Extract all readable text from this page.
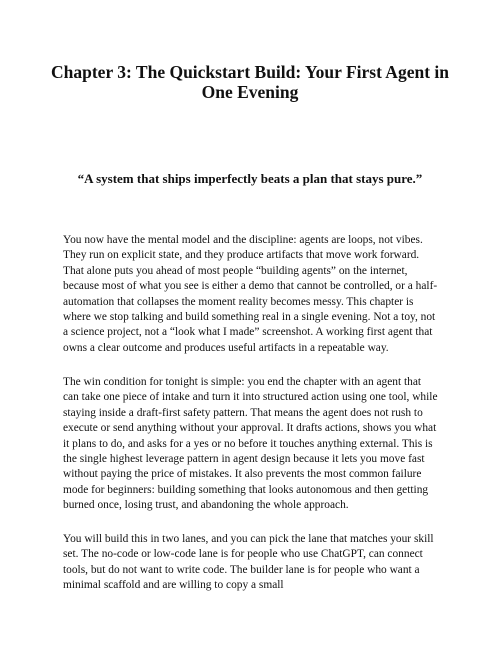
Chapter 3: The Quickstart Build: Your First Agent in One Evening

“A system that ships imperfectly beats a plan that stays pure.”

You now have the mental model and the discipline: agents are loops, not vibes. They run on explicit state, and they produce artifacts that move work forward. That alone puts you ahead of most people “building agents” on the internet, because most of what you see is either a demo that cannot be controlled, or a half-automation that collapses the moment reality becomes messy. This chapter is where we stop talking and build something real in a single evening. Not a toy, not a science project, not a “look what I made” screenshot. A working first agent that owns a clear outcome and produces useful artifacts in a repeatable way.

The win condition for tonight is simple: you end the chapter with an agent that can take one piece of intake and turn it into structured action using one tool, while staying inside a draft-first safety pattern. That means the agent does not rush to execute or send anything without your approval. It drafts actions, shows you what it plans to do, and asks for a yes or no before it touches anything external. This is the single highest leverage pattern in agent design because it lets you move fast without paying the price of mistakes. It also prevents the most common failure mode for beginners: building something that looks autonomous and then getting burned once, losing trust, and abandoning the whole approach.

You will build this in two lanes, and you can pick the lane that matches your skill set. The no-code or low-code lane is for people who use ChatGPT, can connect tools, but do not want to write code. The builder lane is for people who want a minimal scaffold and are willing to copy a small
